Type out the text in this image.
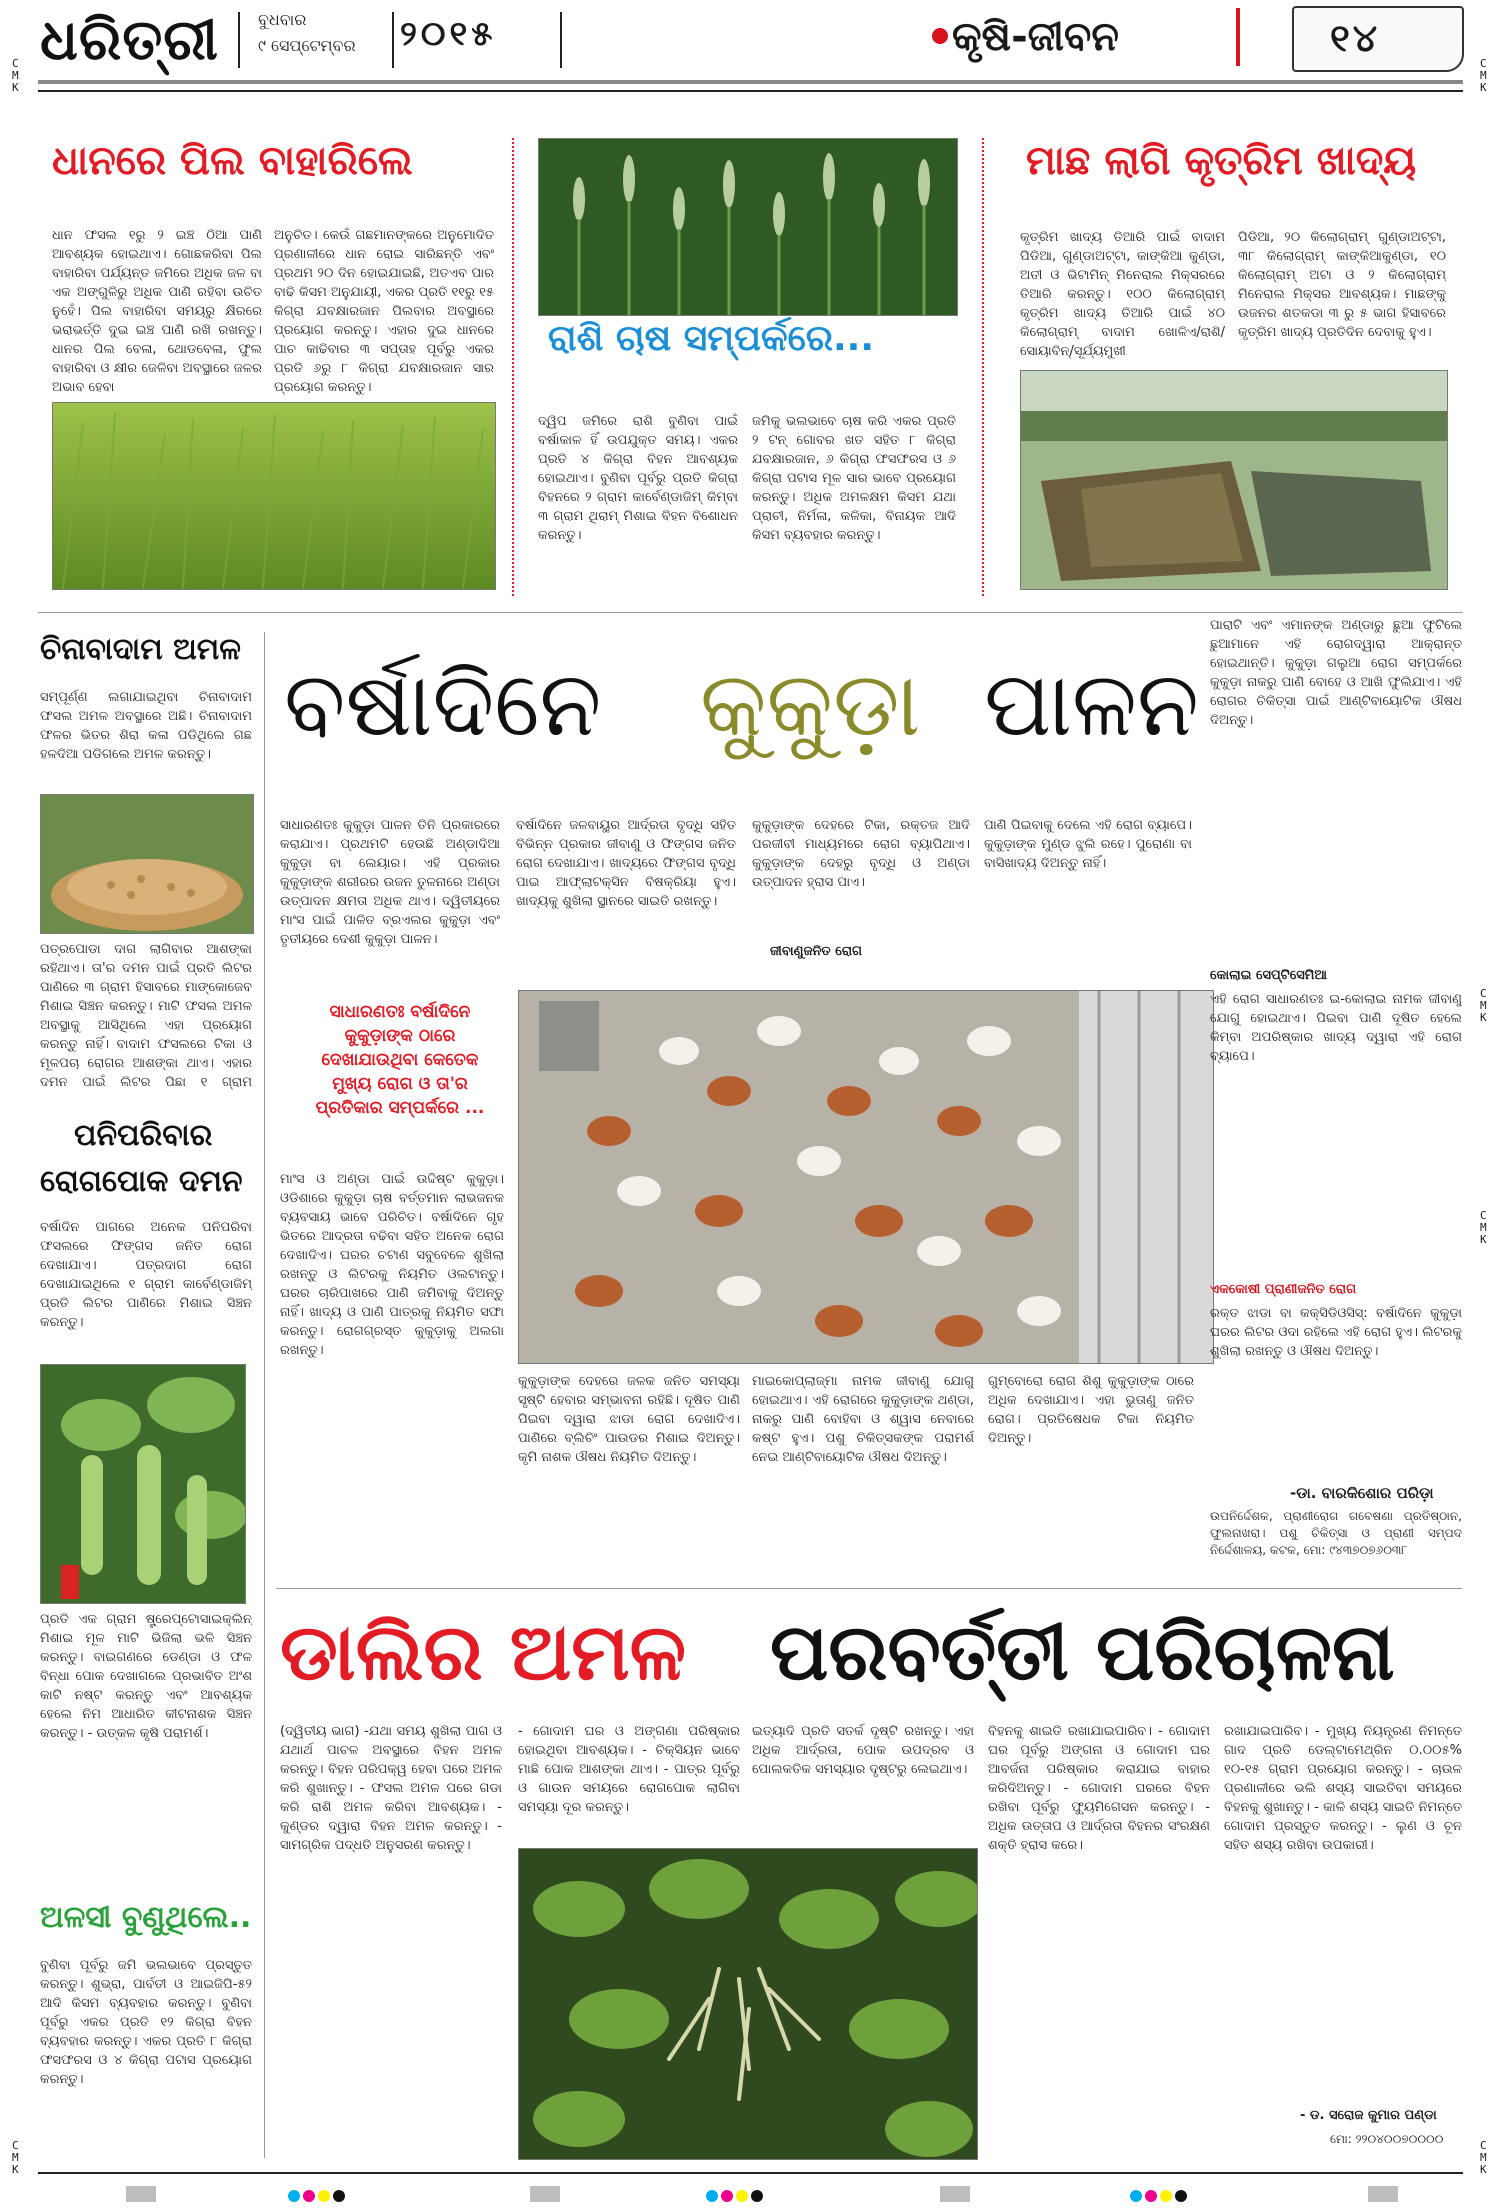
ଧରିତ୍ରୀ ବୁଧବାର
୯ ସେପ୍ଟେମ୍ବର ୨୦୧୫	କୃଷି-ଜୀବନ	୧୪
C M K
C M K
C M K
C M K
C M K
C M K
ଧାନରେ ପିଲ ବାହାରିଲେ
ଧାନ ଫସଲ ୧ରୁ ୨ ଇଞ୍ଚ ଠିଆ ପାଣି ଆବଶ୍ୟକ ହୋଇଥାଏ। ଗୋଛକରିବା ପିଲ ବାହାରିବା ପର୍ଯ୍ୟନ୍ତ ଜମିରେ ଅଧିକ ଜଳ ବା ଏକ ଅଙ୍ଗୁଳିରୁ ଅଧିକ ପାଣି ରହିବା ଉଚିତ ନୁହେଁ। ପିଲ ବାହାରିବା ସମୟରୁ କ୍ଷିରରେ ଭରାଭର୍ତ୍ତି ଦୁଇ ଇଞ୍ଚ ପାଣି ରଖି ରଖନ୍ତୁ। ଧାନର ପିଲ ବେଳା, ଥୋଡବେଳା, ଫୁଲ ବାହାରିବା ଓ କ୍ଷୀର ଜେଳିବା ଅବସ୍ଥାରେ ଜଳର ଅଭାବ ହେବା
ଅନୁଚିତ। କେଉଁ ଗଛମାନଙ୍କରେ ଅନୁମୋଦିତ ପ୍ରଣାଳୀରେ ଧାନ ରୋଇ ସାରିଛନ୍ତି ଏବଂ ପ୍ରଥମ ୨୦ ଦିନ ହୋଇଯାଇଛି, ଅତଏବ ପାର ବାଢି କିସମ ଅନୁଯାୟୀ, ଏକର ପ୍ରତି ୧୧ରୁ ୧୫ କିଗ୍ରା ଯବକ୍ଷାରଜାନ ପିଲବାର ଅବସ୍ଥାରେ ପ୍ରୟୋଗ କରନ୍ତୁ। ଏହାର ଦୁଇ ଧାନରେ ପାଚ କାଢିବାର ୩ ସପ୍ତାହ ପୂର୍ବରୁ ଏକର ପ୍ରତି ୬ରୁ ୮ କିଗ୍ରା ଯବକ୍ଷାରଜାନ ସାର ପ୍ରୟୋଗ କରନ୍ତୁ।
ରାଶି ଚାଷ ସମ୍ପର୍କରେ...
ଦ୍ୱିପ ଜମିରେ ରାଶି ବୁଣିବା ପାଇଁ ବର୍ଷାକାଳ ହିଁ ଉପଯୁକ୍ତ ସମୟ। ଏକର ପ୍ରତି ୪ କିଗ୍ରା ବିହନ ଆବଶ୍ୟକ ହୋଇଥାଏ। ବୁଣିବା ପୂର୍ବରୁ ପ୍ରତି କିଗ୍ରା ବିହନରେ ୨ ଗ୍ରାମ କାର୍ବେଣ୍ଡାଜିମ୍ କିମ୍ବା ୩ ଗ୍ରାମ ଥିରାମ୍ ମିଶାଇ ବିହନ ବିଶୋଧନ କରନ୍ତୁ।
ଜମିକୁ ଭଲଭାବେ ଚାଷ କରି ଏକର ପ୍ରତି ୨ ଟନ୍ ଗୋବର ଖତ ସହିତ ୮ କିଗ୍ରା ଯବକ୍ଷାରଜାନ, ୬ କିଗ୍ରା ଫସଫରସ ଓ ୬ କିଗ୍ରା ପଟାସ ମୂଳ ସାର ଭାବେ ପ୍ରୟୋଗ କରନ୍ତୁ। ଅଧିକ ଅମଳକ୍ଷମ କିସମ ଯଥା ପ୍ରାଚୀ, ନିର୍ମଳା, କଳିକା, ବିନାୟକ ଆଦି କିସମ ବ୍ୟବହାର କରନ୍ତୁ।
ମାଛ ଲାଗି କୃତ୍ରିମ ଖାଦ୍ୟ
କୃତ୍ରିମ ଖାଦ୍ୟ ତିଆରି ପାଇଁ ବାଦାମ ପିଡିଆ, ଗୁଣ୍ଡାଅଟ୍ଟା, କାଙ୍କିଆ କୁଣ୍ଡା, ଅତୀ ଓ ଭିଟାମିନ୍ ମିନେରାଲ ମିକ୍ସରରେ ତିଆରି କରନ୍ତୁ। ୧୦୦ କିଲୋଗ୍ରାମ୍ କୃତ୍ରିମ ଖାଦ୍ୟ ତିଆରି ପାଇଁ ୪୦ କିଲୋଗ୍ରାମ୍ ବାଦାମ ଖୋଳିଏ/ରାଶି/ସୋୟାବିନ୍/ସୂର୍ଯ୍ୟମୁଖୀ
ପିଡିଆ, ୨୦ କିଲୋଗ୍ରାମ୍ ଗୁଣ୍ଡାଅଟ୍ଟା, ୩୮ କିଲୋଗ୍ରାମ୍ କାଙ୍କିଆକୁଣ୍ଡା, ୧୦ କିଲୋଗ୍ରାମ୍ ଅଟା ଓ ୨ କିଲୋଗ୍ରାମ୍ ମିନେରାଲ ମିକ୍ସର ଆବଶ୍ୟକ। ମାଛଙ୍କୁ ଉଜନର ଶତକଡା ୩ ରୁ ୫ ଭାଗ ହିସାବରେ କୃତ୍ରିମ ଖାଦ୍ୟ ପ୍ରତିଦିନ ଦେବାକୁ ହୁଏ।
ଚିନାବାଦାମ ଅମଳ
ସମ୍ପୂର୍ଣ୍ଣ ଲଗାଯାଇଥିବା ଚିନାବାଦାମ ଫସଲ ଅମଳ ଅବସ୍ଥାରେ ଅଛି। ଚିନାବାଦାମ ଫଳର ଭିତର ଶିରା କଳା ପଡିଥିଲେ ଗଛ ହଳଦିଆ ପଡିଗଲେ ଅମଳ କରନ୍ତୁ।
ପତ୍ରପୋଡା ଦାଗ ଲାଗିବାର ଆଶଙ୍କା ରହିଥାଏ। ତା'ର ଦମନ ପାଇଁ ପ୍ରତି ଲିଟର ପାଣିରେ ୩ ଗ୍ରାମ ହିସାବରେ ମାଙ୍କୋଜେବ ମିଶାଇ ସିଞ୍ଚନ କରନ୍ତୁ। ମାଟି ଫସଲ ଅମଳ ଅବସ୍ଥାକୁ ଆସିଥିଲେ ଏହା ପ୍ରୟୋଗ କରନ୍ତୁ ନାହିଁ। ବାଦାମ ଫସଲରେ ଟିକା ଓ ମୂଳପଚା ରୋଗର ଆଶଙ୍କା ଥାଏ। ଏହାର ଦମନ ପାଇଁ ଲିଟର ପିଛା ୧ ଗ୍ରାମ
ପନିପରିବାର
ରୋଗପୋକ ଦମନ
ବର୍ଷାଦିନ ପାଗରେ ଅନେକ ପନିପରିବା ଫସଲରେ ଫିଙ୍ଗସ ଜନିତ ରୋଗ ଦେଖାଯାଏ। ପତ୍ରଦାଗ ରୋଗ ଦେଖାଯାଇଥିଲେ ୧ ଗ୍ରାମ କାର୍ବେଣ୍ଡାଜିମ୍ ପ୍ରତି ଲିଟର ପାଣିରେ ମିଶାଇ ସିଞ୍ଚନ କରନ୍ତୁ।
ପ୍ରତି ଏକ ଗ୍ରାମ ଷ୍ଟ୍ରେପ୍ଟୋସାଇକ୍ଲିନ୍ ମିଶାଇ ମୂଳ ମାଟି ଭିଜିଲା ଭଳି ସିଞ୍ଚନ କରନ୍ତୁ। ବାଇଗଣରେ ଡେଣ୍ଡା ଓ ଫଳ ବିନ୍ଧା ପୋକ ଦେଖାଗଲେ ପ୍ରଭାବିତ ଅଂଶ କାଟି ନଷ୍ଟ କରନ୍ତୁ ଏବଂ ଆବଶ୍ୟକ ହେଲେ ନିମ ଆଧାରିତ କୀଟନାଶକ ସିଞ୍ଚନ କରନ୍ତୁ। - ଉତ୍କଳ କୃଷି ପରାମର୍ଶ।
ଅଳସୀ ବୁଣୁଥିଲେ..
ବୁଣିବା ପୂର୍ବରୁ ଜମି ଭଲଭାବେ ପ୍ରସ୍ତୁତ କରନ୍ତୁ। ଶୁଭ୍ରା, ପାର୍ବତୀ ଓ ଆଇଜିପି-୫୨ ଆଦି କିସମ ବ୍ୟବହାର କରନ୍ତୁ। ବୁଣିବା ପୂର୍ବରୁ ଏକର ପ୍ରତି ୧୨ କିଗ୍ରା ବିହନ ବ୍ୟବହାର କରନ୍ତୁ। ଏକର ପ୍ରତି ୮ କିଗ୍ରା ଫସଫରସ ଓ ୪ କିଗ୍ରା ପଟାସ ପ୍ରୟୋଗ କରନ୍ତୁ।
ବର୍ଷାଦିନେ କୁକୁଡ଼ା ପାଳନ
ସାଧାରଣତଃ କୁକୁଡ଼ା ପାଳନ ତିନି ପ୍ରକାରରେ କରାଯାଏ। ପ୍ରଥମଟି ହେଉଛି ଅଣ୍ଡାଦିଆ କୁକୁଡ଼ା ବା ଲେୟାର। ଏହି ପ୍ରକାର କୁକୁଡ଼ାଙ୍କ ଶରୀରର ଉଜନ ତୁଳନାରେ ଅଣ୍ଡା ଉତ୍ପାଦନ କ୍ଷମତା ଅଧିକ ଥାଏ। ଦ୍ୱିତୀୟରେ ମାଂସ ପାଇଁ ପାଳିତ ବ୍ରଏଲର କୁକୁଡ଼ା ଏବଂ ତୃତୀୟରେ ଦେଶୀ କୁକୁଡ଼ା ପାଳନ।
ବର୍ଷାଦିନେ ଜଳବାୟୁର ଆର୍ଦ୍ରତା ବୃଦ୍ଧି ସହିତ ବିଭିନ୍ନ ପ୍ରକାର ଜୀବାଣୁ ଓ ଫିଙ୍ଗସ ଜନିତ ରୋଗ ଦେଖାଯାଏ। ଖାଦ୍ୟରେ ଫିଙ୍ଗସ ବୃଦ୍ଧି ପାଇ ଆଫ୍ଲାଟକ୍ସିନ ବିଷକ୍ରିୟା ହୁଏ। ଖାଦ୍ୟକୁ ଶୁଖିଲା ସ୍ଥାନରେ ସାଇତି ରଖନ୍ତୁ।
କୁକୁଡ଼ାଙ୍କ ଦେହରେ ଟିକା, ରକ୍ତଜ ଆଦି ପରଜୀବୀ ମାଧ୍ୟମରେ ରୋଗ ବ୍ୟାପିଥାଏ। କୁକୁଡ଼ାଙ୍କ ଦେହରୁ ବୃଦ୍ଧି ଓ ଅଣ୍ଡା ଉତ୍ପାଦନ ହ୍ରାସ ପାଏ।
ଜୀବାଣୁଜନିତ ରୋଗ
ପାଣି ପିଇବାକୁ ଦେଲେ ଏହି ରୋଗ ବ୍ୟାପେ। କୁକୁଡ଼ାଙ୍କ ମୁଣ୍ଡ ଝୁଲି ରହେ। ପୁରୋଣା ବା ବାସିଖାଦ୍ୟ ଦିଅନ୍ତୁ ନାହିଁ।
ସାଧାରଣତଃ ବର୍ଷାଦିନେ କୁକୁଡ଼ାଙ୍କ ଠାରେ ଦେଖାଯାଉଥିବା କେତେକ ମୁଖ୍ୟ ରୋଗ ଓ ତା'ର ପ୍ରତିକାର ସମ୍ପର୍କରେ ...
ମାଂସ ଓ ଅଣ୍ଡା ପାଇଁ ଉଦ୍ଦିଷ୍ଟ କୁକୁଡ଼ା। ଓଡିଶାରେ କୁକୁଡ଼ା ଚାଷ ବର୍ତ୍ତମାନ ଲାଭଜନକ ବ୍ୟବସାୟ ଭାବେ ପରିଚିତ। ବର୍ଷାଦିନେ ଗୃହ ଭିତରେ ଆଦ୍ରତା ବଢିବା ସହିତ ଅନେକ ରୋଗ ଦେଖାଦିଏ। ଘରର ଚଟାଣ ସବୁବେଳେ ଶୁଖିଲା ରଖନ୍ତୁ ଓ ଲିଟରକୁ ନିୟମିତ ଓଲଟାନ୍ତୁ। ଘରର ଚାରିପାଖରେ ପାଣି ଜମିବାକୁ ଦିଅନ୍ତୁ ନାହିଁ। ଖାଦ୍ୟ ଓ ପାଣି ପାତ୍ରକୁ ନିୟମିତ ସଫା କରନ୍ତୁ। ରୋଗଗ୍ରସ୍ତ କୁକୁଡ଼ାକୁ ଅଲଗା ରଖନ୍ତୁ।
କୁକୁଡ଼ାଙ୍କ ଦେହରେ ଜଳକ ଜନିତ ସମସ୍ୟା ସୃଷ୍ଟି ହେବାର ସମ୍ଭାବନା ରହିଛି। ଦୂଷିତ ପାଣି ପିଇବା ଦ୍ୱାରା ଝାଡା ରୋଗ ଦେଖାଦିଏ। ପାଣିରେ ବ୍ଲିଚିଂ ପାଉଡର ମିଶାଇ ଦିଅନ୍ତୁ। କୃମି ନାଶକ ଔଷଧ ନିୟମିତ ଦିଅନ୍ତୁ।
ମାଇକୋପ୍ଲାଜ୍ମା ନାମକ ଜୀବାଣୁ ଯୋଗୁ ହୋଇଥାଏ। ଏହି ରୋଗରେ କୁକୁଡ଼ାଙ୍କ ଥଣ୍ଡା, ନାକରୁ ପାଣି ବୋହିବା ଓ ଶ୍ୱାସ ନେବାରେ କଷ୍ଟ ହୁଏ। ପଶୁ ଚିକିତ୍ସକଙ୍କ ପରାମର୍ଶ ନେଇ ଆଣ୍ଟିବାୟୋଟିକ ଔଷଧ ଦିଅନ୍ତୁ।
ଗୁମ୍ବୋରୋ ରୋଗ ଶିଶୁ କୁକୁଡ଼ାଙ୍କ ଠାରେ ଅଧିକ ଦେଖାଯାଏ। ଏହା ଭୁତାଣୁ ଜନିତ ରୋଗ। ପ୍ରତିଷେଧକ ଟିକା ନିୟମିତ ଦିଅନ୍ତୁ।
ପାରାଟି ଏବଂ ଏମାନଙ୍କ ଅଣ୍ଡାରୁ ଛୁଆ ଫୁଟିଲେ ଛୁଆମାନେ ଏହି ରୋଗଦ୍ୱାରା ଆକ୍ରାନ୍ତ ହୋଇଥାନ୍ତି। କୁକୁଡ଼ା ଗଲୁଆ ରୋଗ ସମ୍ପର୍କରେ କୁକୁଡ଼ା ନାକରୁ ପାଣି ବୋହେ ଓ ଆଖି ଫୁଲିଯାଏ। ଏହି ରୋଗର ଚିକିତ୍ସା ପାଇଁ ଆଣ୍ଟିବାୟୋଟିକ ଔଷଧ ଦିଅନ୍ତୁ।
କୋଲାଇ ସେପ୍ଟିସେମିଆ
ଏହି ରୋଗ ସାଧାରଣତଃ ଇ-କୋଲାଇ ନାମକ ଜୀବାଣୁ ଯୋଗୁ ହୋଇଥାଏ। ପିଇବା ପାଣି ଦୂଷିତ ହେଲେ କିମ୍ବା ଅପରିଷ୍କାର ଖାଦ୍ୟ ଦ୍ୱାରା ଏହି ରୋଗ ବ୍ୟାପେ।
ଏକକୋଷୀ ପ୍ରାଣୀଜନିତ ରୋଗ
ରକ୍ତ ଝାଡା ବା କକ୍‌ସିଡିଓସିସ୍: ବର୍ଷାଦିନେ କୁକୁଡ଼ା ଘରର ଲିଟର ଓଦା ରହିଲେ ଏହି ରୋଗ ହୁଏ। ଲିଟରକୁ ଶୁଖିଲା ରଖନ୍ତୁ ଓ ଔଷଧ ଦିଅନ୍ତୁ।
-ଡା. ବାରକିଶୋର ପରିଡ଼ା
ଉପନିର୍ଦ୍ଦେଶକ, ପ୍ରାଣୀରୋଗ ଗବେଷଣା ପ୍ରତିଷ୍ଠାନ, ଫୁଲନାଖରା। ପଶୁ ଚିକିତ୍ସା ଓ ପ୍ରାଣୀ ସମ୍ପଦ ନିର୍ଦ୍ଦେଶାଳୟ, କଟକ, ମୋ: ୯୪୩୭୦୭୬୦୩୮
ଡାଲିର ଅମଳ ପରବର୍ତ୍ତୀ ପରିଚାଳନା
(ଦ୍ୱିତୀୟ ଭାଗ) -ଯଥା ସମୟ ଶୁଖିଲା ପାଗ ଓ ଯଥାର୍ଥ ପାଚଳ ଅବସ୍ଥାରେ ବିହନ ଅମଳ କରନ୍ତୁ। ବିହନ ପରିପକ୍ୱ ହେବା ପରେ ଅମଳ କରି ଶୁଖାନ୍ତୁ। - ଫସଲ ଅମଳ ପରେ ଗଡା କରି ରାଶି ଅମଳ କରିବା ଆବଶ୍ୟକ। - କୁଣ୍ଡର ଦ୍ୱାରା ବିହନ ଅମଳ କରନ୍ତୁ। - ସାମଗ୍ରିକ ପଦ୍ଧତି ଅନୁସରଣ କରନ୍ତୁ।
- ଗୋଦାମ ଘର ଓ ଅଙ୍ଗଣା ପରିଷ୍କାର ହୋଇଥିବା ଆବଶ୍ୟକ। - ଚିକ୍ସିୟନ ଭାବେ ମାଛି ପୋକ ଆଶଙ୍କା ଥାଏ। - ପାତ୍ର ପୂର୍ବରୁ ଓ ଗାଉନ ସମୟରେ ରୋଗପୋକ ଲାଗିବା ସମସ୍ୟା ଦୂର କରନ୍ତୁ।
ଇତ୍ୟାଦି ପ୍ରତି ସତର୍କ ଦୃଷ୍ଟି ରଖନ୍ତୁ। ଏହା ଅଧିକ ଆର୍ଦ୍ରତା, ପୋକ ଉପଦ୍ରବ ଓ ପୋଲକତିକ ସମସ୍ୟାର ଦୃଷ୍ଟରୁ ଲେଇଥାଏ।
ବିହନକୁ ଶାଇତି ରଖାଯାଇପାରିବ। - ଗୋଦାମ ଘର ପୂର୍ବରୁ ଅଙ୍ଗନା ଓ ଗୋଦାମ ଘର ଆବର୍ଜନା ପରିଷ୍କାର କରାଯାଇ ବାହାର କରିଦିଅନ୍ତୁ। - ଗୋଦାମ ଘରରେ ବିହନ ରଖିବା ପୂର୍ବରୁ ଫ୍ୟୁମିଗେସନ କରନ୍ତୁ। - ଅଧିକ ଉତ୍ତାପ ଓ ଆର୍ଦ୍ରତା ବିହନର ସଂରକ୍ଷଣ ଶକ୍ତି ହ୍ରାସ କରେ।
ରଖାଯାଇପାରିବ। - ମୁଖ୍ୟ ନିୟନ୍ତ୍ରଣ ନିମନ୍ତେ ଗାଦ ପ୍ରତି ଡେଲ୍ଟାମେଥ୍ରିନ ୦.୦୦୫% ୧୦-୧୫ ଗ୍ରାମ ପ୍ରୟୋଗ କରନ୍ତୁ। - ଚାଉଳ ପ୍ରଣାଳୀରେ ଭଲି ଶସ୍ୟ ସାଇତିବା ସମୟରେ ବିହନକୁ ଶୁଖାନ୍ତୁ। - କାଳି ଶସ୍ୟ ସାଇତି ନିମନ୍ତେ ଗୋଦାମ ପ୍ରସ୍ତୁତ କରନ୍ତୁ। - ଲୁଣ ଓ ଚୂନ ସହିତ ଶସ୍ୟ ରଖିବା ଉପକାରୀ।
- ଡ. ସରୋଜ କୁମାର ପଣ୍ଡା
ମୋ: ୨୨୦୪୦୦୭୦୦୦୦
